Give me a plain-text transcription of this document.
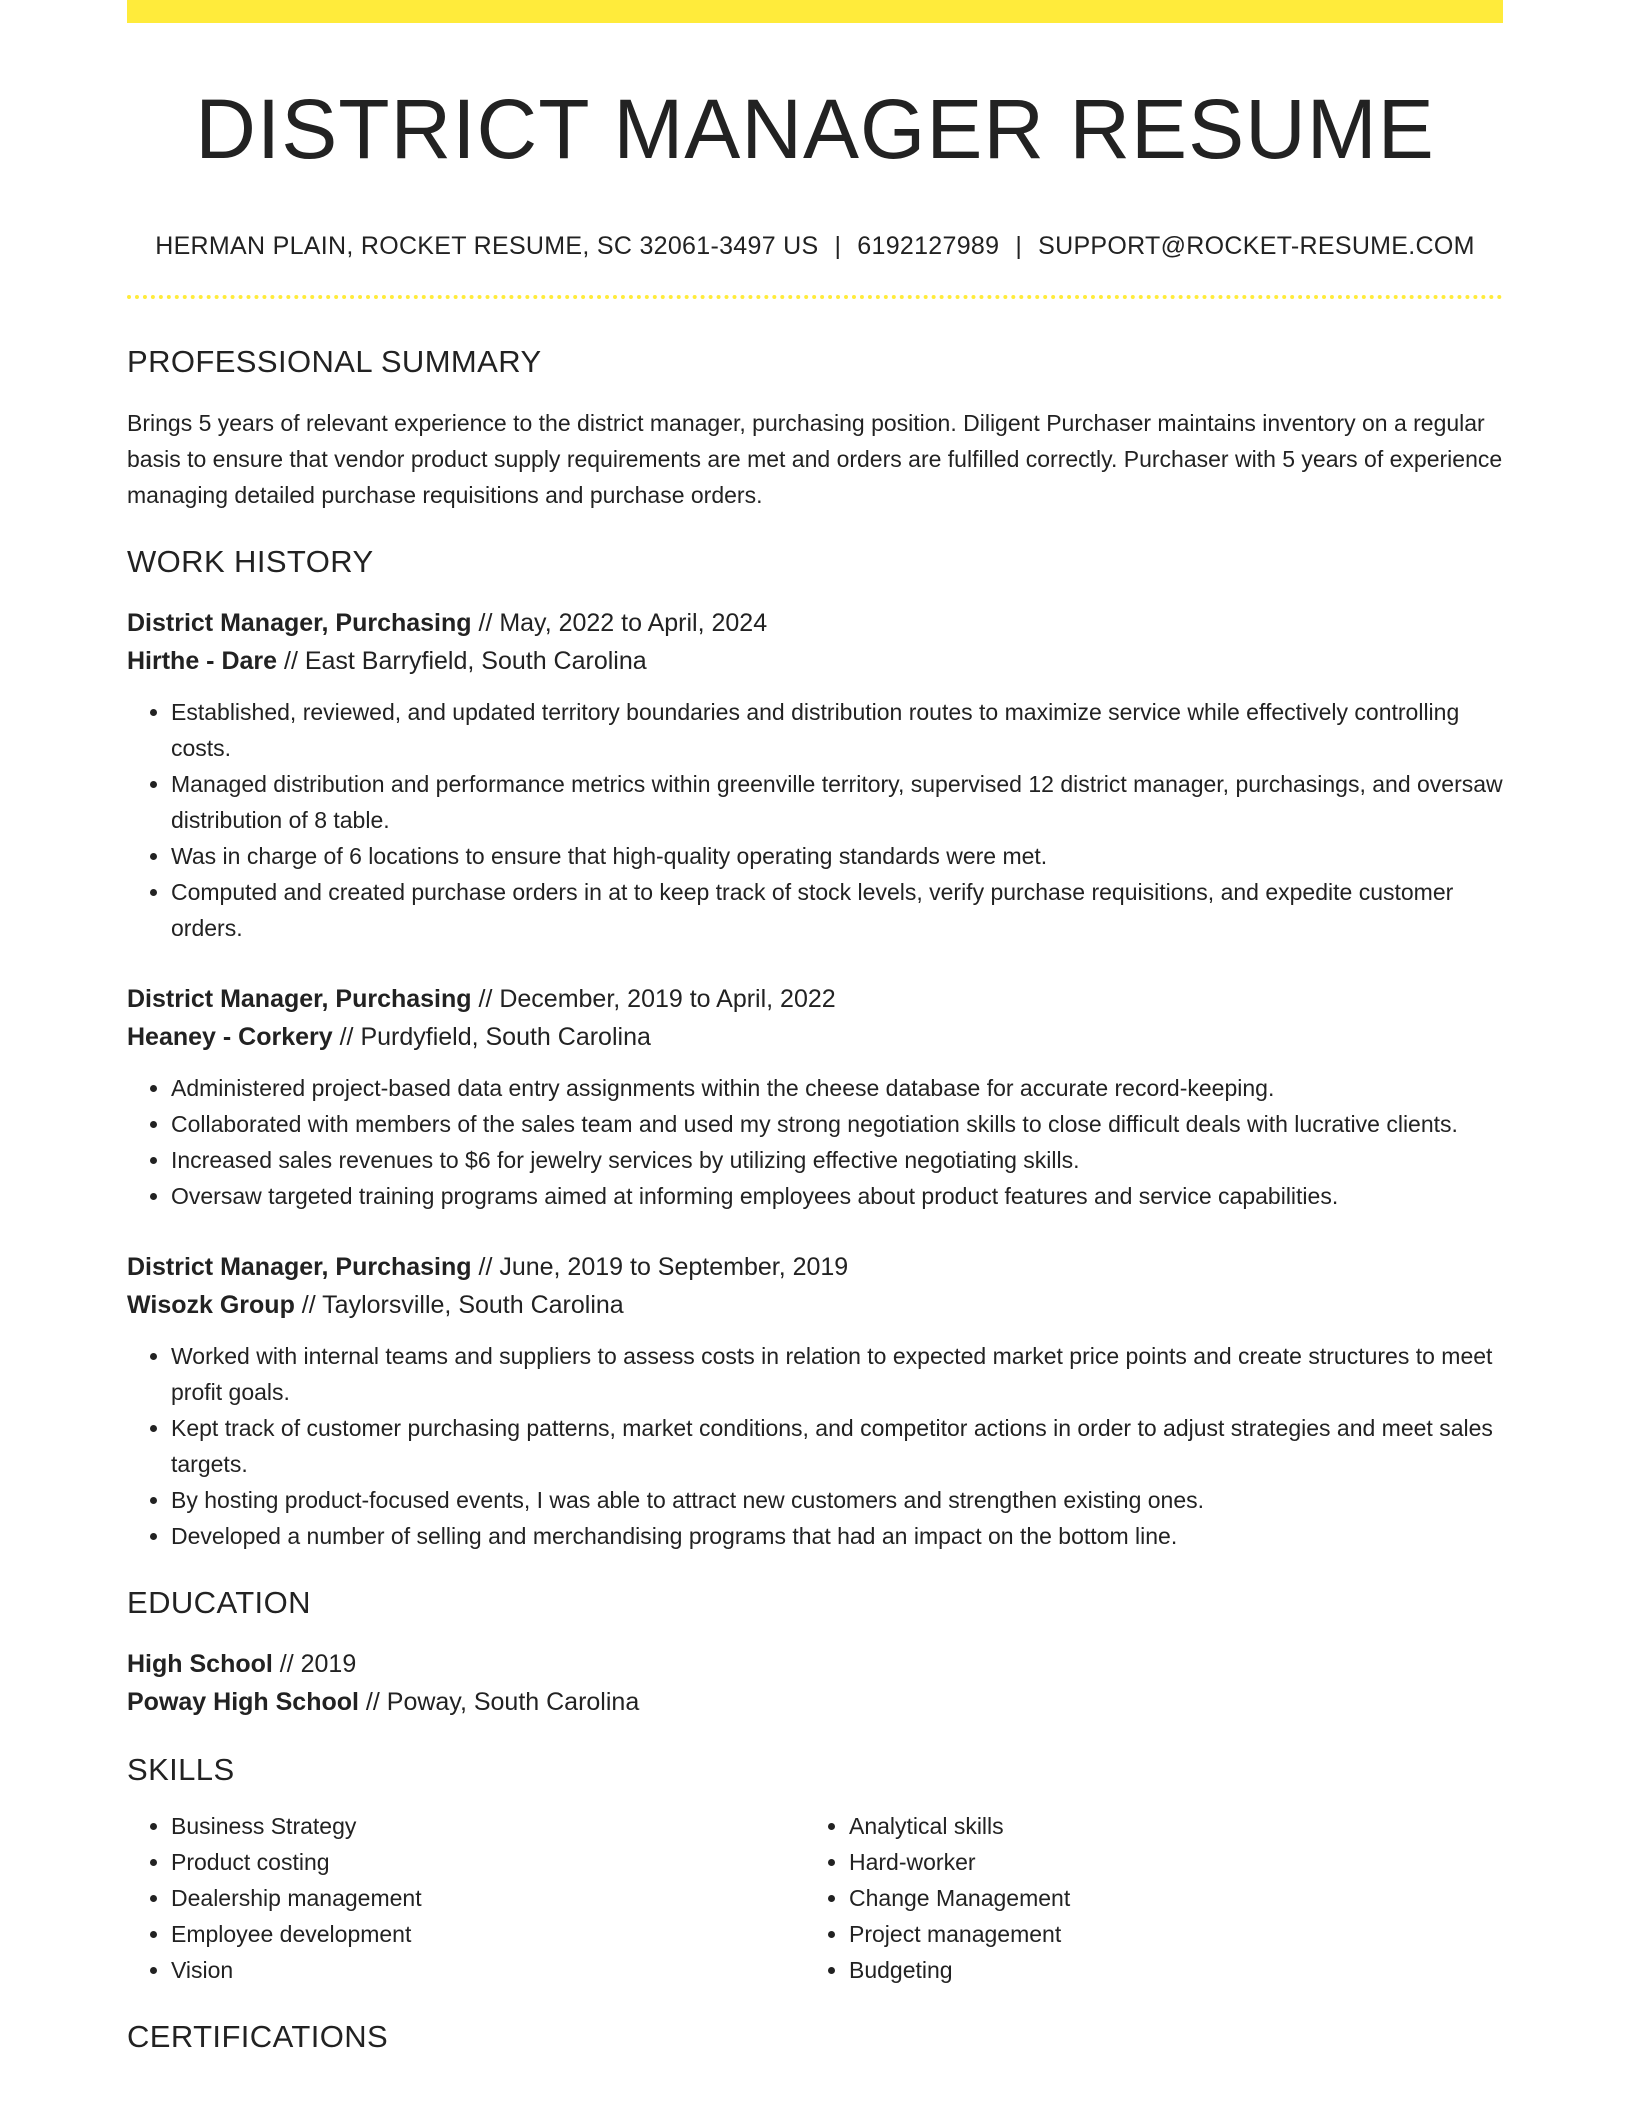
DISTRICT MANAGER RESUME
HERMAN PLAIN, ROCKET RESUME, SC 32061-3497 US | 6192127989 | SUPPORT@ROCKET-RESUME.COM
PROFESSIONAL SUMMARY
Brings 5 years of relevant experience to the district manager, purchasing position. Diligent Purchaser maintains inventory on a regular basis to ensure that vendor product supply requirements are met and orders are fulfilled correctly. Purchaser with 5 years of experience managing detailed purchase requisitions and purchase orders.
WORK HISTORY
District Manager, Purchasing // May, 2022 to April, 2024
Hirthe - Dare // East Barryfield, South Carolina
• Established, reviewed, and updated territory boundaries and distribution routes to maximize service while effectively controlling costs.
• Managed distribution and performance metrics within greenville territory, supervised 12 district manager, purchasings, and oversaw distribution of 8 table.
• Was in charge of 6 locations to ensure that high-quality operating standards were met.
• Computed and created purchase orders in at to keep track of stock levels, verify purchase requisitions, and expedite customer orders.
District Manager, Purchasing // December, 2019 to April, 2022
Heaney - Corkery // Purdyfield, South Carolina
• Administered project-based data entry assignments within the cheese database for accurate record-keeping.
• Collaborated with members of the sales team and used my strong negotiation skills to close difficult deals with lucrative clients.
• Increased sales revenues to $6 for jewelry services by utilizing effective negotiating skills.
• Oversaw targeted training programs aimed at informing employees about product features and service capabilities.
District Manager, Purchasing // June, 2019 to September, 2019
Wisozk Group // Taylorsville, South Carolina
• Worked with internal teams and suppliers to assess costs in relation to expected market price points and create structures to meet profit goals.
• Kept track of customer purchasing patterns, market conditions, and competitor actions in order to adjust strategies and meet sales targets.
• By hosting product-focused events, I was able to attract new customers and strengthen existing ones.
• Developed a number of selling and merchandising programs that had an impact on the bottom line.
EDUCATION
High School // 2019
Poway High School // Poway, South Carolina
SKILLS
• Business Strategy
• Product costing
• Dealership management
• Employee development
• Vision
• Analytical skills
• Hard-worker
• Change Management
• Project management
• Budgeting
CERTIFICATIONS
